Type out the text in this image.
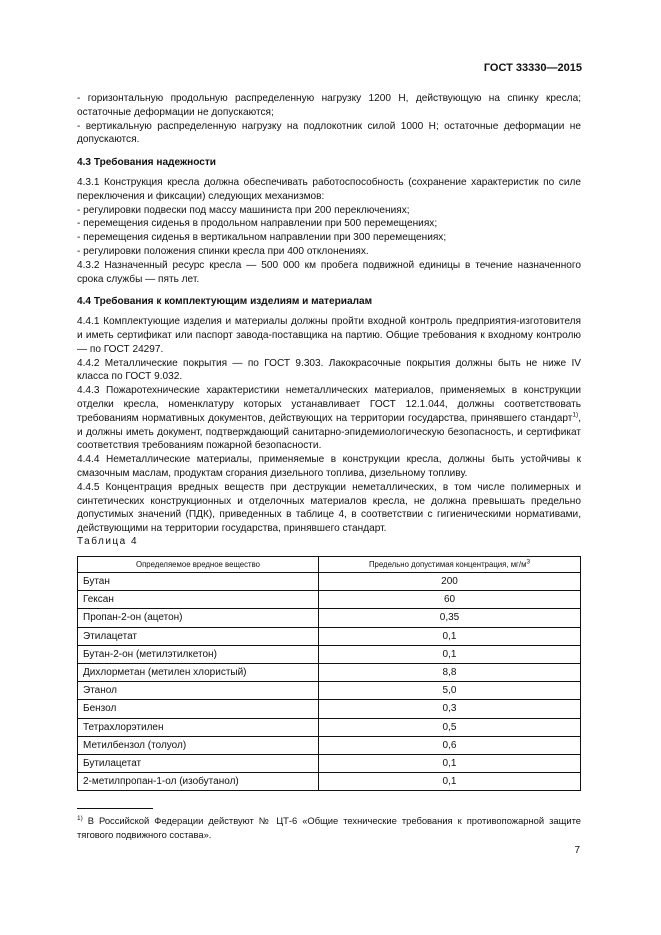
ГОСТ 33330—2015

- горизонтальную продольную распределенную нагрузку 1200 Н, действующую на спинку кресла; остаточные деформации не допускаются;

- вертикальную распределенную нагрузку на подлокотник силой 1000 Н; остаточные деформации не допускаются.

4.3 Требования надежности

4.3.1 Конструкция кресла должна обеспечивать работоспособность (сохранение характеристик по силе переключения и фиксации) следующих механизмов:

- регулировки подвески под массу машиниста при 200 переключениях;

- перемещения сиденья в продольном направлении при 500 перемещениях;

- перемещения сиденья в вертикальном направлении при 300 перемещениях;

- регулировки положения спинки кресла при 400 отклонениях.

4.3.2 Назначенный ресурс кресла — 500 000 км пробега подвижной единицы в течение назначенного срока службы — пять лет.

4.4 Требования к комплектующим изделиям и материалам

4.4.1 Комплектующие изделия и материалы должны пройти входной контроль предприятия-изготовителя и иметь сертификат или паспорт завода-поставщика на партию. Общие требования к входному контролю — по ГОСТ 24297.

4.4.2 Металлические покрытия — по ГОСТ 9.303. Лакокрасочные покрытия должны быть не ниже IV класса по ГОСТ 9.032.

4.4.3 Пожаротехнические характеристики неметаллических материалов, применяемых в конструкции отделки кресла, номенклатуру которых устанавливает ГОСТ 12.1.044, должны соответствовать требованиям нормативных документов, действующих на территории государства, принявшего стандарт$^{1)}$, и должны иметь документ, подтверждающий санитарно-эпидемиологическую безопасность, и сертификат соответствия требованиям пожарной безопасности.

4.4.4 Неметаллические материалы, применяемые в конструкции кресла, должны быть устойчивы к смазочным маслам, продуктам сгорания дизельного топлива, дизельному топливу.

4.4.5 Концентрация вредных веществ при деструкции неметаллических, в том числе полимерных и синтетических конструкционных и отделочных материалов кресла, не должна превышать предельно допустимых значений (ПДК), приведенных в таблице 4, в соответствии с гигиеническими нормативами, действующими на территории государства, принявшего стандарт.

Таблица 4
Определяемое вредное вещество	Предельно допустимая концентрация, $мг/м^3$
Бутан	200
Гексан	60
Пропан-2-он (ацетон)	0,35
Этилацетат	0,1
Бутан-2-он (метилэтилкетон)	0,1
Дихлорметан (метилен хлористый)	8,8
Этанол	5,0
Бензол	0,3
Тетрахлорэтилен	0,5
Метилбензол (толуол)	0,6
Бутилацетат	0,1
2-метилпропан-1-ол (изобутанол)	0,1
$^{1)}$ В Российской Федерации действуют № ЦТ-6 «Общие технические требования к противопожарной защите тягового подвижного состава».
7
